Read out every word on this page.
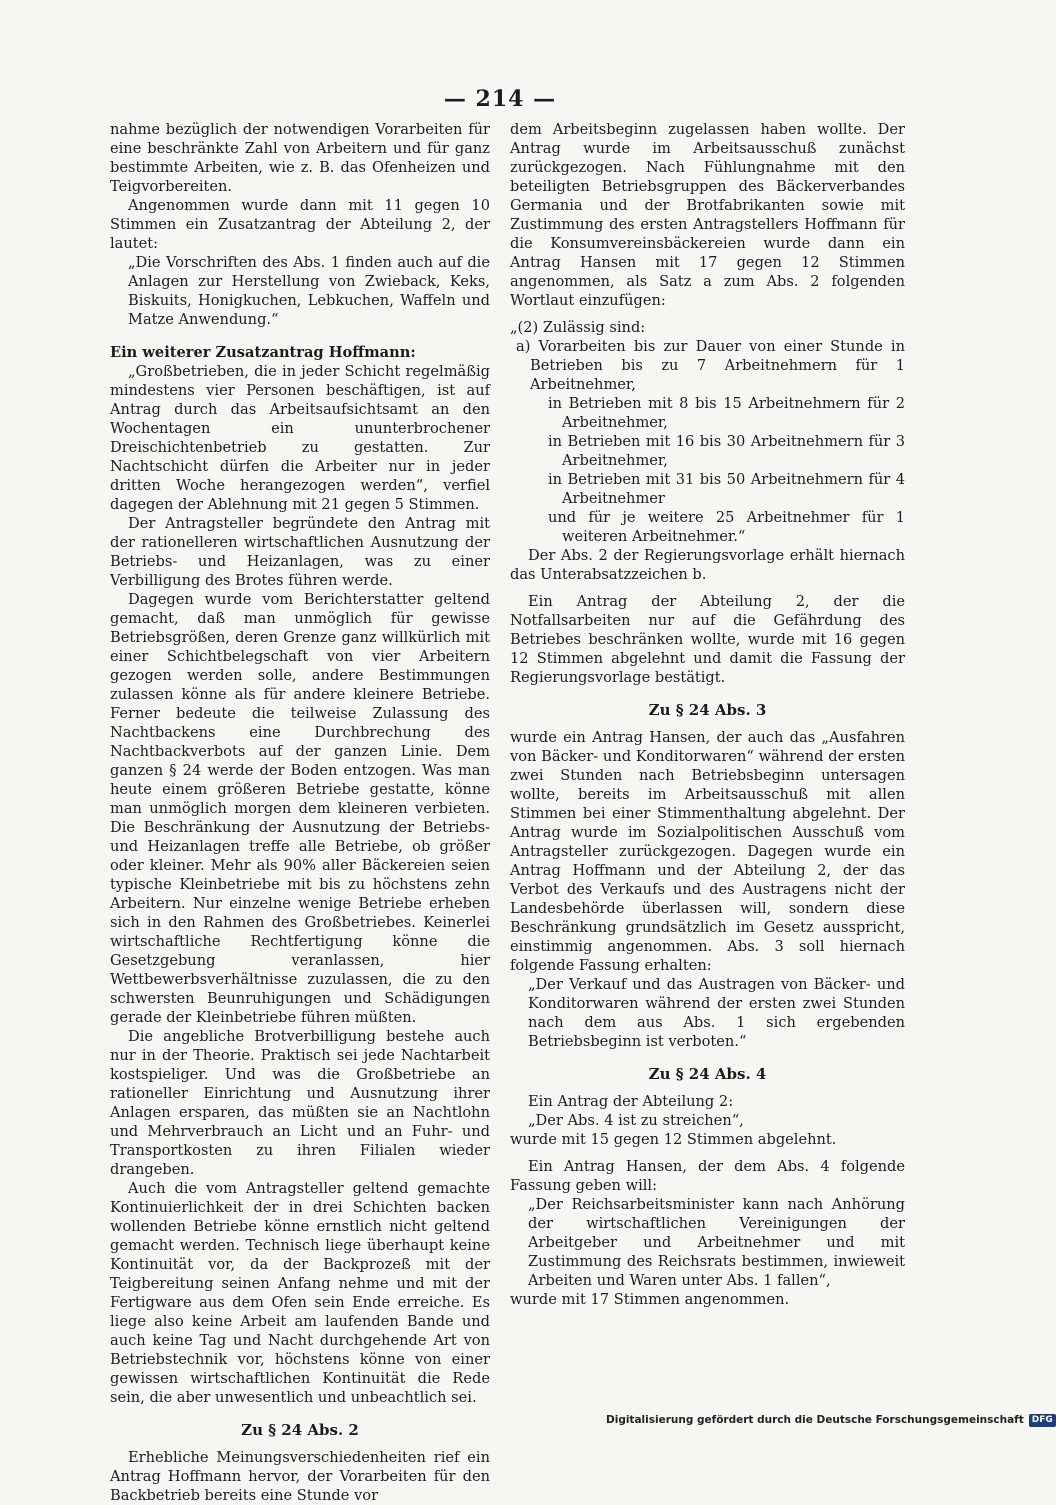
— 214 —

nahme bezüglich der notwendigen Vorarbeiten für eine beschränkte Zahl von Arbeitern und für ganz bestimmte Arbeiten, wie z. B. das Ofenheizen und Teigvorbereiten.

Angenommen wurde dann mit 11 gegen 10 Stimmen ein Zusatzantrag der Abteilung 2, der lautet:

„Die Vorschriften des Abs. 1 finden auch auf die Anlagen zur Herstellung von Zwieback, Keks, Biskuits, Honigkuchen, Lebkuchen, Waffeln und Matze Anwendung.“

Ein weiterer Zusatzantrag Hoffmann:

„Großbetrieben, die in jeder Schicht regelmäßig mindestens vier Personen beschäftigen, ist auf Antrag durch das Arbeitsaufsichtsamt an den Wochentagen ein ununterbrochener Dreischichtenbetrieb zu gestatten. Zur Nachtschicht dürfen die Arbeiter nur in jeder dritten Woche herangezogen werden“, verfiel dagegen der Ablehnung mit 21 gegen 5 Stimmen.

Der Antragsteller begründete den Antrag mit der rationelleren wirtschaftlichen Ausnutzung der Betriebs- und Heizanlagen, was zu einer Verbilligung des Brotes führen werde.

Dagegen wurde vom Berichterstatter geltend gemacht, daß man unmöglich für gewisse Betriebsgrößen, deren Grenze ganz willkürlich mit einer Schichtbelegschaft von vier Arbeitern gezogen werden solle, andere Bestimmungen zulassen könne als für andere kleinere Betriebe. Ferner bedeute die teilweise Zulassung des Nachtbackens eine Durchbrechung des Nachtbackverbots auf der ganzen Linie. Dem ganzen § 24 werde der Boden entzogen. Was man heute einem größeren Betriebe gestatte, könne man unmöglich morgen dem kleineren verbieten. Die Beschränkung der Ausnutzung der Betriebs- und Heizanlagen treffe alle Betriebe, ob größer oder kleiner. Mehr als 90% aller Bäckereien seien typische Kleinbetriebe mit bis zu höchstens zehn Arbeitern. Nur einzelne wenige Betriebe erheben sich in den Rahmen des Großbetriebes. Keinerlei wirtschaftliche Rechtfertigung könne die Gesetzgebung veranlassen, hier Wettbewerbsverhältnisse zuzulassen, die zu den schwersten Beunruhigungen und Schädigungen gerade der Kleinbetriebe führen müßten.

Die angebliche Brotverbilligung bestehe auch nur in der Theorie. Praktisch sei jede Nachtarbeit kostspieliger. Und was die Großbetriebe an rationeller Einrichtung und Ausnutzung ihrer Anlagen ersparen, das müßten sie an Nachtlohn und Mehrverbrauch an Licht und an Fuhr- und Transportkosten zu ihren Filialen wieder drangeben.

Auch die vom Antragsteller geltend gemachte Kontinuierlichkeit der in drei Schichten backen wollenden Betriebe könne ernstlich nicht geltend gemacht werden. Technisch liege überhaupt keine Kontinuität vor, da der Backprozeß mit der Teigbereitung seinen Anfang nehme und mit der Fertigware aus dem Ofen sein Ende erreiche. Es liege also keine Arbeit am laufenden Bande und auch keine Tag und Nacht durchgehende Art von Betriebstechnik vor, höchstens könne von einer gewissen wirtschaftlichen Kontinuität die Rede sein, die aber unwesentlich und unbeachtlich sei.

Zu § 24 Abs. 2

Erhebliche Meinungsverschiedenheiten rief ein Antrag Hoffmann hervor, der Vorarbeiten für den Backbetrieb bereits eine Stunde vor

dem Arbeitsbeginn zugelassen haben wollte. Der Antrag wurde im Arbeitsausschuß zunächst zurückgezogen. Nach Fühlungnahme mit den beteiligten Betriebsgruppen des Bäckerverbandes Germania und der Brotfabrikanten sowie mit Zustimmung des ersten Antragstellers Hoffmann für die Konsumvereinsbäckereien wurde dann ein Antrag Hansen mit 17 gegen 12 Stimmen angenommen, als Satz a zum Abs. 2 folgenden Wortlaut einzufügen:

„(2) Zulässig sind:

a) Vorarbeiten bis zur Dauer von einer Stunde in Betrieben bis zu 7 Arbeitnehmern für 1 Arbeitnehmer,

in Betrieben mit 8 bis 15 Arbeitnehmern für 2 Arbeitnehmer,

in Betrieben mit 16 bis 30 Arbeitnehmern für 3 Arbeitnehmer,

in Betrieben mit 31 bis 50 Arbeitnehmern für 4 Arbeitnehmer

und für je weitere 25 Arbeitnehmer für 1 weiteren Arbeitnehmer.“

Der Abs. 2 der Regierungsvorlage erhält hiernach das Unterabsatzzeichen b.

Ein Antrag der Abteilung 2, der die Notfallsarbeiten nur auf die Gefährdung des Betriebes beschränken wollte, wurde mit 16 gegen 12 Stimmen abgelehnt und damit die Fassung der Regierungsvorlage bestätigt.

Zu § 24 Abs. 3

wurde ein Antrag Hansen, der auch das „Ausfahren von Bäcker- und Konditorwaren“ während der ersten zwei Stunden nach Betriebsbeginn untersagen wollte, bereits im Arbeitsausschuß mit allen Stimmen bei einer Stimmenthaltung abgelehnt. Der Antrag wurde im Sozialpolitischen Ausschuß vom Antragsteller zurückgezogen. Dagegen wurde ein Antrag Hoffmann und der Abteilung 2, der das Verbot des Verkaufs und des Austragens nicht der Landesbehörde überlassen will, sondern diese Beschränkung grundsätzlich im Gesetz ausspricht, einstimmig angenommen. Abs. 3 soll hiernach folgende Fassung erhalten:

„Der Verkauf und das Austragen von Bäcker- und Konditorwaren während der ersten zwei Stunden nach dem aus Abs. 1 sich ergebenden Betriebsbeginn ist verboten.“

Zu § 24 Abs. 4

Ein Antrag der Abteilung 2:

„Der Abs. 4 ist zu streichen“,

wurde mit 15 gegen 12 Stimmen abgelehnt.

Ein Antrag Hansen, der dem Abs. 4 folgende Fassung geben will:

„Der Reichsarbeitsminister kann nach Anhörung der wirtschaftlichen Vereinigungen der Arbeitgeber und Arbeitnehmer und mit Zustimmung des Reichsrats bestimmen, inwieweit Arbeiten und Waren unter Abs. 1 fallen“,

wurde mit 17 Stimmen angenommen.

Digitalisierung gefördert durch die Deutsche Forschungsgemeinschaft DFG
